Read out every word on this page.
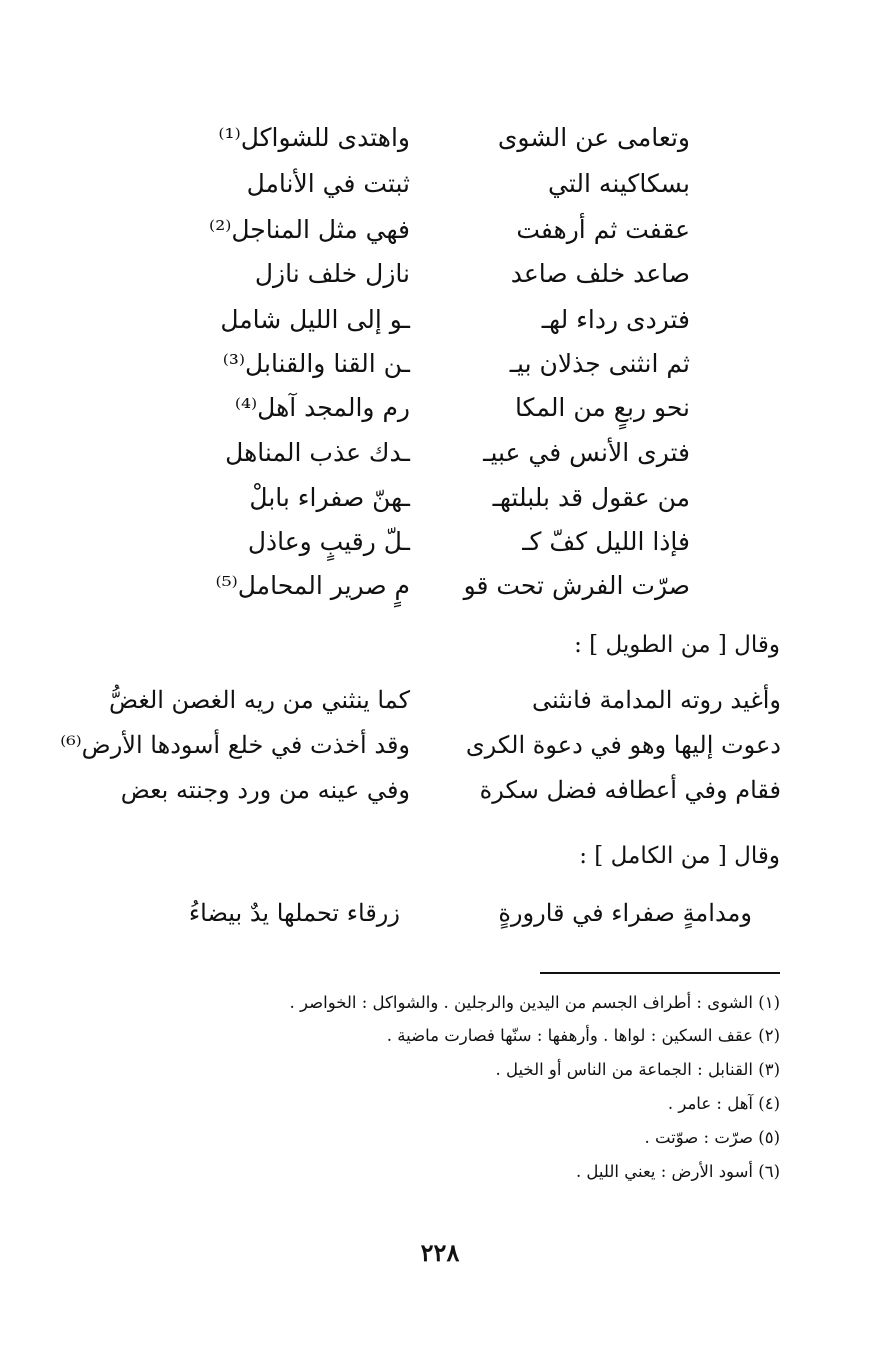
وتعامى عن الشوى
واهتدى للشواكل⁽¹⁾
بسكاكينه التي
ثبتت في الأنامل
عقفت ثم أرهفت
فهي مثل المناجل⁽²⁾
صاعد خلف صاعد
نازل خلف نازل
فتردى رداء لهـ
ـو إلى الليل شامل
ثم انثنى جذلان بيـ
ـن القنا والقنابل⁽³⁾
نحو ربعٍ من المكا
رم والمجد آهل⁽⁴⁾
فترى الأنس في عبيـ
ـدك عذب المناهل
من عقول قد بلبلتهـ
ـهنّ صفراء بابلْ
فإذا الليل كفّ كـ
ـلّ رقيبٍ وعاذل
صرّت الفرش تحت قو
مٍ صرير المحامل⁽⁵⁾
وقال [ من الطويل ] :
وأغيد روته المدامة فانثنى
كما ينثني من ريه الغصن الغضُّ
دعوت إليها وهو في دعوة الكرى
وقد أخذت في خلع أسودها الأرض⁽⁶⁾
فقام وفي أعطافه فضل سكرة
وفي عينه من ورد وجنته بعض
وقال [ من الكامل ] :
ومدامةٍ صفراء في قارورةٍ
زرقاء تحملها يدٌ بيضاءُ
(١) الشوى : أطراف الجسم من اليدين والرجلين . والشواكل : الخواصر .
(٢) عقف السكين : لواها . وأرهفها : سنّها فصارت ماضية .
(٣) القنابل : الجماعة من الناس أو الخيل .
(٤) آهل : عامر .
(٥) صرّت : صوّتت .
(٦) أسود الأرض : يعني الليل .
٢٢٨
